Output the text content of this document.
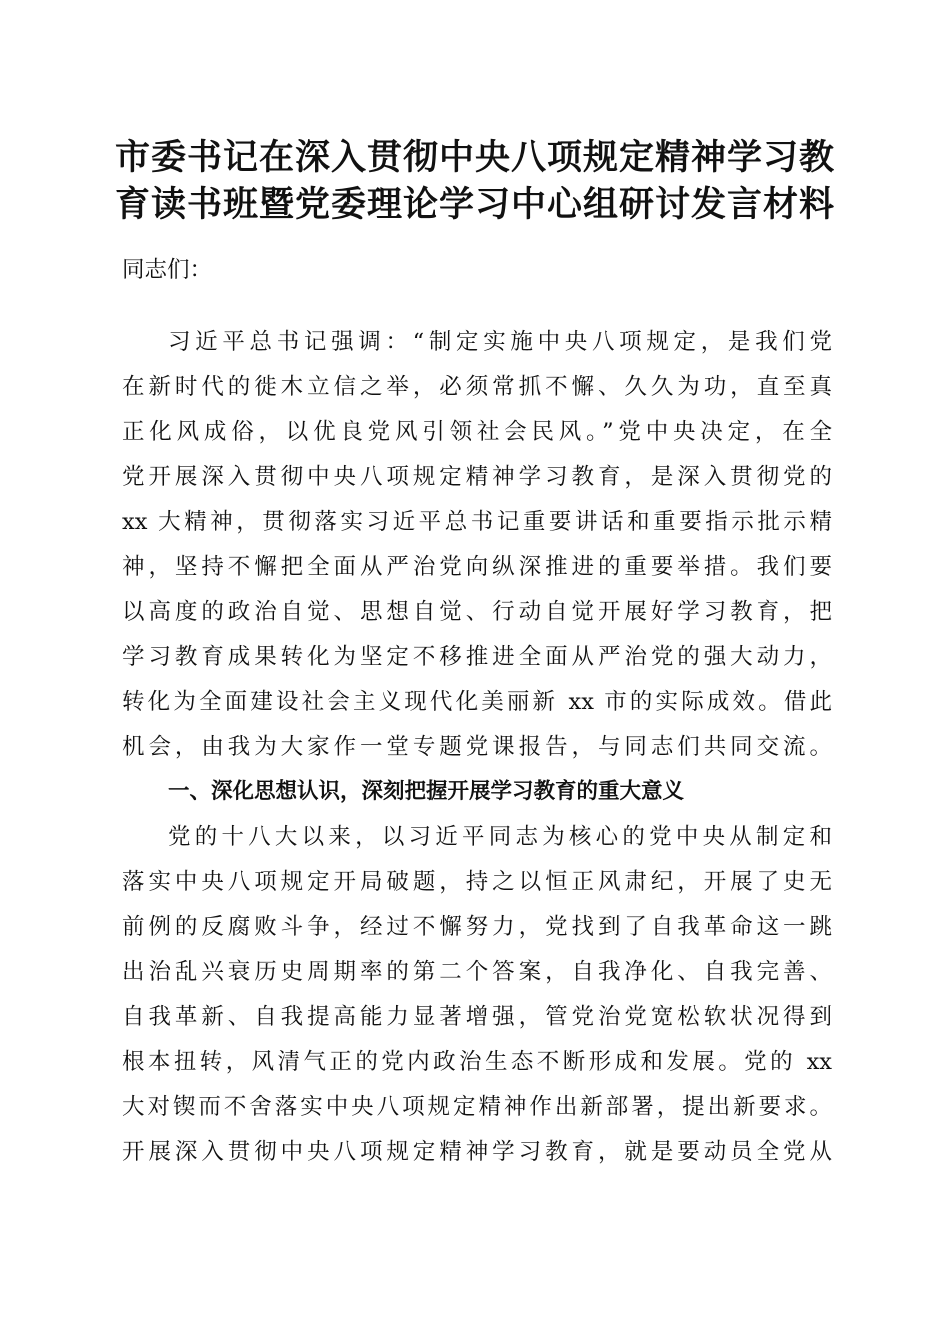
市委书记在深入贯彻中央八项规定精神学习教
育读书班暨党委理论学习中心组研讨发言材料
同志们：
习近平总书记强调：“制定实施中央八项规定，是我们党
在新时代的徙木立信之举，必须常抓不懈、久久为功，直至真
正化风成俗，以优良党风引领社会民风。”党中央决定，在全
党开展深入贯彻中央八项规定精神学习教育，是深入贯彻党的
xx 大精神，贯彻落实习近平总书记重要讲话和重要指示批示精
神，坚持不懈把全面从严治党向纵深推进的重要举措。我们要
以高度的政治自觉、思想自觉、行动自觉开展好学习教育，把
学习教育成果转化为坚定不移推进全面从严治党的强大动力，
转化为全面建设社会主义现代化美丽新 xx 市的实际成效。借此
机会，由我为大家作一堂专题党课报告，与同志们共同交流。
一、深化思想认识，深刻把握开展学习教育的重大意义
党的十八大以来，以习近平同志为核心的党中央从制定和
落实中央八项规定开局破题，持之以恒正风肃纪，开展了史无
前例的反腐败斗争，经过不懈努力，党找到了自我革命这一跳
出治乱兴衰历史周期率的第二个答案，自我净化、自我完善、
自我革新、自我提高能力显著增强，管党治党宽松软状况得到
根本扭转，风清气正的党内政治生态不断形成和发展。党的 xx
大对锲而不舍落实中央八项规定精神作出新部署，提出新要求。
开展深入贯彻中央八项规定精神学习教育，就是要动员全党从
